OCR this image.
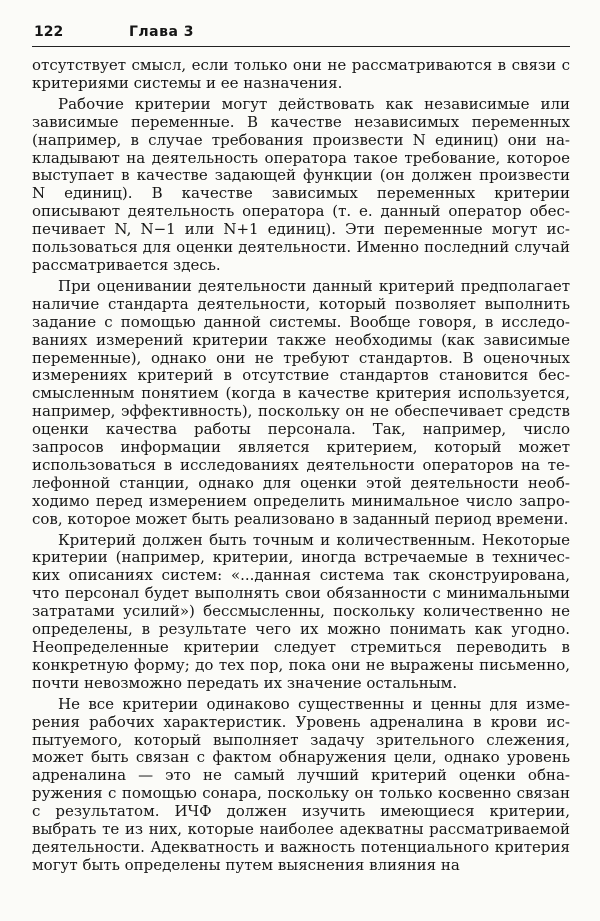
122	Глава 3

отсутствует смысл, если только они не рассматриваются в связи с критериями системы и ее назначения.

Рабочие критерии могут действовать как независимые или зависимые переменные. В качестве независимых переменных (например, в случае требования произвести N единиц) они накладывают на деятельность оператора такое требование, которое выступает в качестве задающей функции (он должен произвести N единиц). В качестве зависимых переменных критерии описывают деятельность оператора (т. е. данный оператор обеспечивает N, N−1 или N+1 единиц). Эти переменные могут использоваться для оценки деятельности. Именно последний случай рассматривается здесь.

При оценивании деятельности данный критерий предполагает наличие стандарта деятельности, который позволяет выполнить задание с помощью данной системы. Вообще говоря, в исследованиях измерений критерии также необходимы (как зависимые переменные), однако они не требуют стандартов. В оценочных измерениях критерий в отсутствие стандартов становится бессмысленным понятием (когда в качестве критерия используется, например, эффективность), поскольку он не обеспечивает средств оценки качества работы персонала. Так, например, число запросов информации является критерием, который может использоваться в исследованиях деятельности операторов на телефонной станции, однако для оценки этой деятельности необходимо перед измерением определить минимальное число запросов, которое может быть реализовано в заданный период времени.

Критерий должен быть точным и количественным. Некоторые критерии (например, критерии, иногда встречаемые в технических описаниях систем: «...данная система так сконструирована, что персонал будет выполнять свои обязанности с минимальными затратами усилий») бессмысленны, поскольку количественно не определены, в результате чего их можно понимать как угодно. Неопределенные критерии следует стремиться переводить в конкретную форму; до тех пор, пока они не выражены письменно, почти невозможно передать их значение остальным.

Не все критерии одинаково существенны и ценны для измерения рабочих характеристик. Уровень адреналина в крови испытуемого, который выполняет задачу зрительного слежения, может быть связан с фактом обнаружения цели, однако уровень адреналина — это не самый лучший критерий оценки обнаружения с помощью сонара, поскольку он только косвенно связан с результатом. ИЧФ должен изучить имеющиеся критерии, выбрать те из них, которые наиболее адекватны рассматриваемой деятельности. Адекватность и важность потенциального критерия могут быть определены путем выяснения влияния на
